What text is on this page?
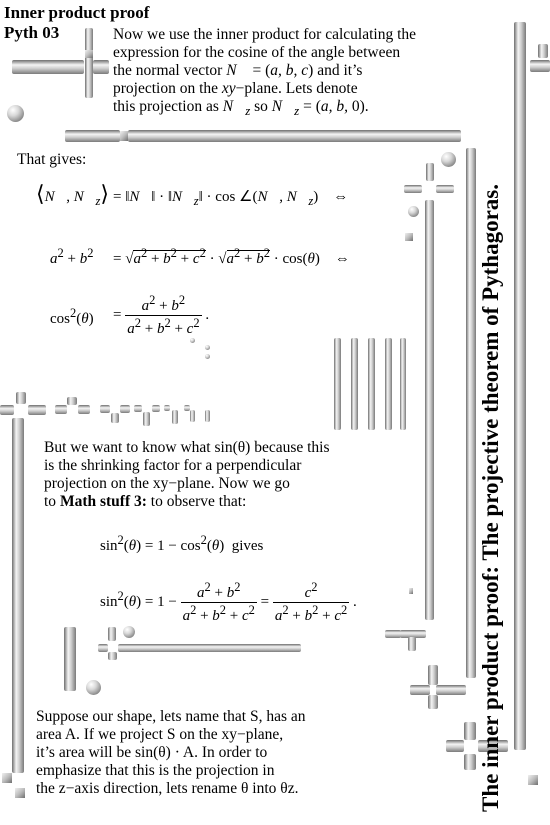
Inner product proof
Pyth 03
The inner product proof: The projective theorem of Pythagoras.
Now we use the inner product for calculating the
expression for the cosine of the angle between
the normal vector N⃗ = (a, b, c) and it’s
projection on the xy−plane. Lets denote
this projection as $N⃗_z$ so $N⃗_z = (a$, b, 0).
That gives:
⟨N⃗, $N⃗_z⟩$ = ‖N⃗‖ · $‖N⃗_z‖ \cdot \cos$ ∠(N⃗, $N⃗_z$)    ⇔
$a^2 + b^2 = √a^2 + b^2 + c^2 \cdot √a^2 + b^2 \cdot \cos(\theta)$    ⇔
$\cos^2(\theta) = \frac{a^2 + b^2}{a^2 + b^2 + c^2}$ .
But we want to know what sin(θ) because this
is the shrinking factor for a perpendicular
projection on the xy−plane. Now we go
to Math stuff 3: to observe that:
$\sin^2(\theta) = 1 - \cos^2(\theta)$  gives
$\sin^2(\theta) = 1 - \frac{a^2 + b^2}{a^2 + b^2 + c^2} = \frac{c^2}{a^2 + b^2 + c^2}$ .
Suppose our shape, lets name that S, has an
area A. If we project S on the xy−plane,
it’s area will be sin(θ) · A. In order to
emphasize that this is the projection in
the z−axis direction, lets rename θ into θz.
